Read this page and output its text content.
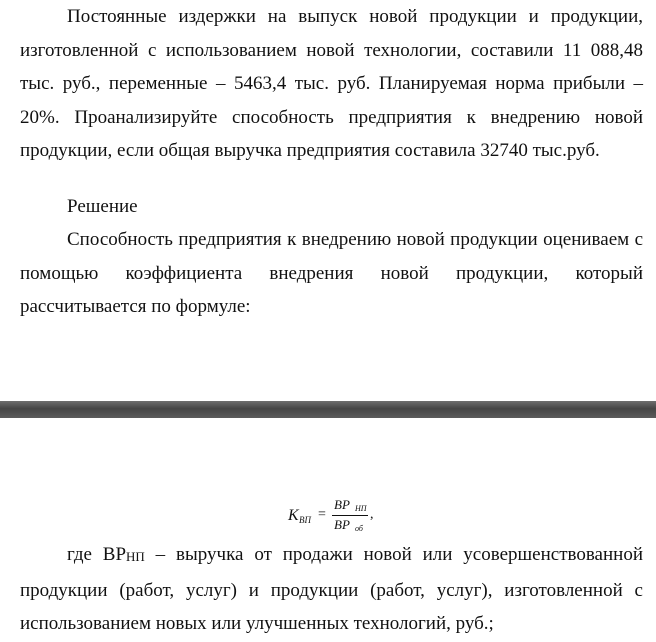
Постоянные издержки на выпуск новой продукции и продукции, изготовленной с использованием новой технологии, составили 11 088,48 тыс. руб., переменные – 5463,4 тыс. руб. Планируемая норма прибыли – 20%. Проанализируйте способность предприятия к внедрению новой продукции, если общая выручка предприятия составила 32740 тыс.руб.

Решение

Способность предприятия к внедрению новой продукции оцениваем с помощью коэффициента внедрения новой продукции, который рассчитывается по формуле:

К ВП =
ВР НП
ВР об
,

где ВРНП – выручка от продажи новой или усовершенствованной продукции (работ, услуг) и продукции (работ, услуг), изготовленной с использованием новых или улучшенных технологий, руб.;
